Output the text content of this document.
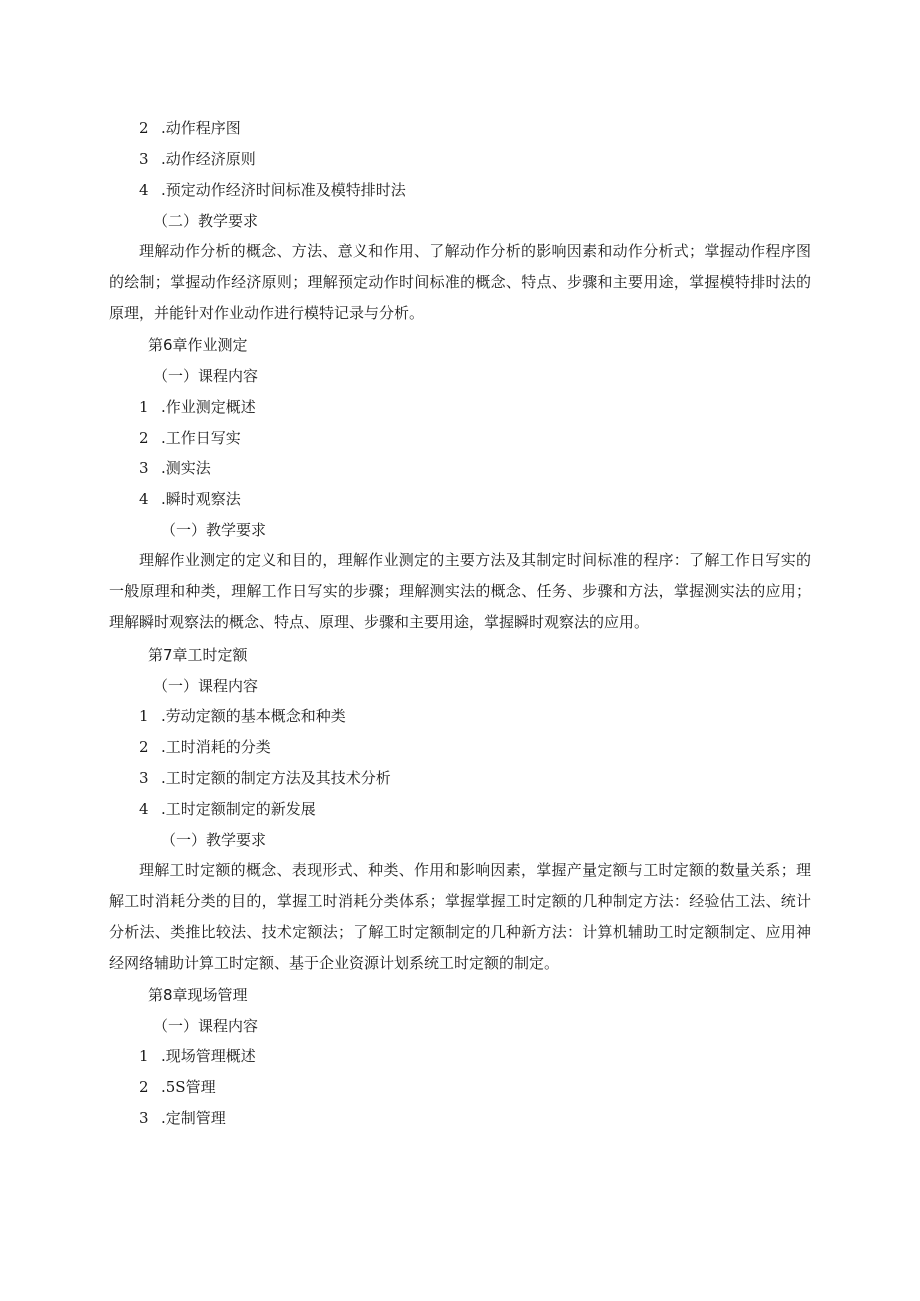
2 .动作程序图
3 .动作经济原则
4 .预定动作经济时间标准及模特排时法
（二）教学要求
理解动作分析的概念、方法、意义和作用、了解动作分析的影响因素和动作分析式；掌握动作程序图的绘制；掌握动作经济原则；理解预定动作时间标准的概念、特点、步骤和主要用途，掌握模特排时法的原理，并能针对作业动作进行模特记录与分析。
第6章作业测定
（一）课程内容
1 .作业测定概述
2 .工作日写实
3 .测实法
4 .瞬时观察法
（一）教学要求
理解作业测定的定义和目的，理解作业测定的主要方法及其制定时间标准的程序：了解工作日写实的一般原理和种类，理解工作日写实的步骤；理解测实法的概念、任务、步骤和方法，掌握测实法的应用；理解瞬时观察法的概念、特点、原理、步骤和主要用途，掌握瞬时观察法的应用。
第7章工时定额
（一）课程内容
1 .劳动定额的基本概念和种类
2 .工时消耗的分类
3 .工时定额的制定方法及其技术分析
4 .工时定额制定的新发展
（一）教学要求
理解工时定额的概念、表现形式、种类、作用和影响因素，掌握产量定额与工时定额的数量关系；理解工时消耗分类的目的，掌握工时消耗分类体系；掌握掌握工时定额的几种制定方法：经验估工法、统计分析法、类推比较法、技术定额法；了解工时定额制定的几种新方法：计算机辅助工时定额制定、应用神经网络辅助计算工时定额、基于企业资源计划系统工时定额的制定。
第8章现场管理
（一）课程内容
1 .现场管理概述
2 .5S管理
3 .定制管理
